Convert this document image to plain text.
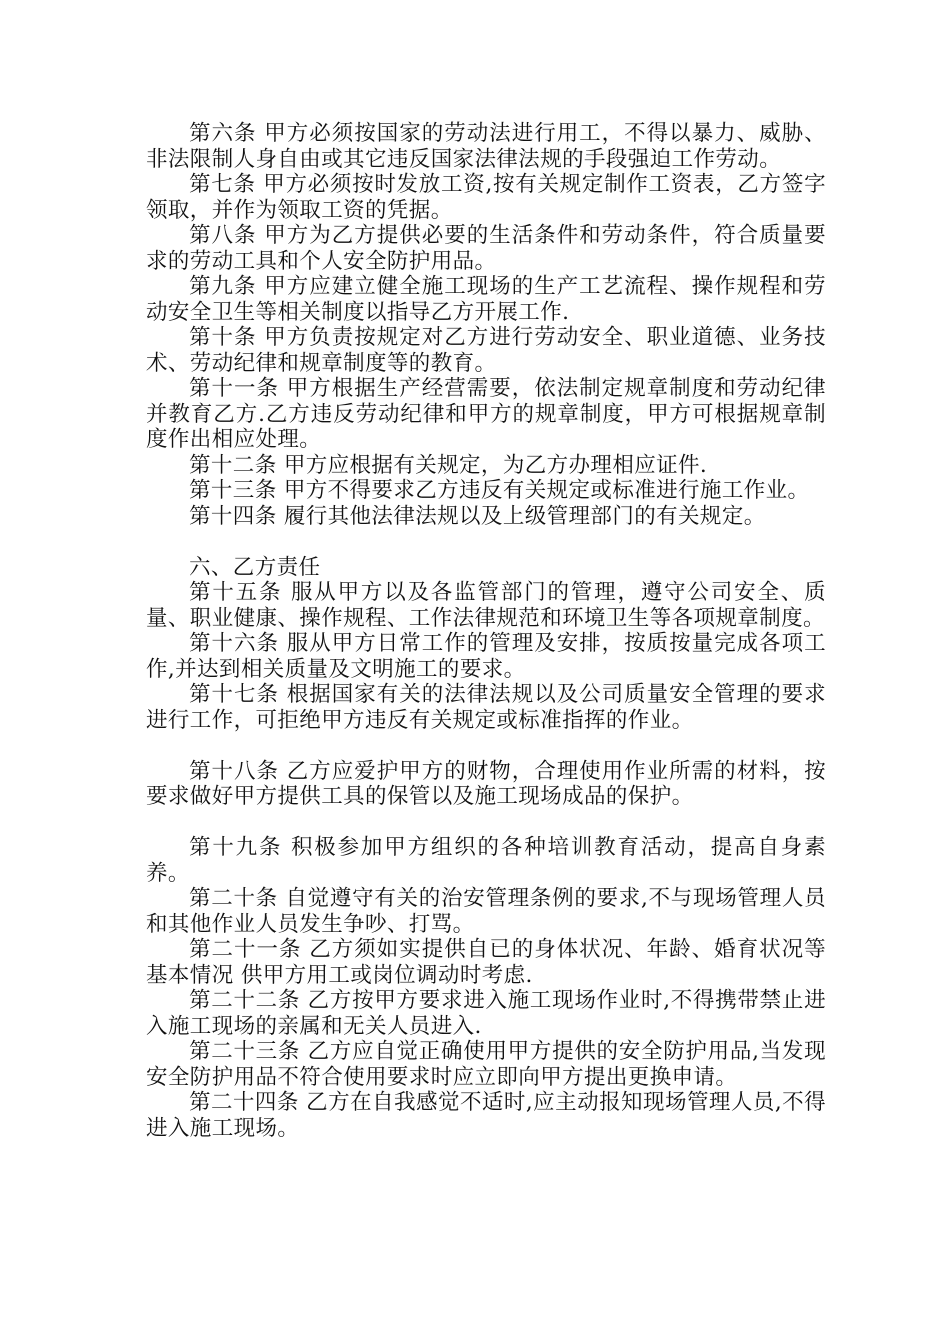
第六条 甲方必须按国家的劳动法进行用工，不得以暴力、威胁、非法限制人身自由或其它违反国家法律法规的手段强迫工作劳动。

第七条 甲方必须按时发放工资,按有关规定制作工资表，乙方签字领取，并作为领取工资的凭据。

第八条 甲方为乙方提供必要的生活条件和劳动条件，符合质量要求的劳动工具和个人安全防护用品。

第九条 甲方应建立健全施工现场的生产工艺流程、操作规程和劳动安全卫生等相关制度以指导乙方开展工作.

第十条 甲方负责按规定对乙方进行劳动安全、职业道德、业务技术、劳动纪律和规章制度等的教育。

第十一条 甲方根据生产经营需要，依法制定规章制度和劳动纪律并教育乙方.乙方违反劳动纪律和甲方的规章制度，甲方可根据规章制度作出相应处理。

第十二条 甲方应根据有关规定，为乙方办理相应证件.

第十三条 甲方不得要求乙方违反有关规定或标准进行施工作业。

第十四条 履行其他法律法规以及上级管理部门的有关规定。

六、乙方责任

第十五条 服从甲方以及各监管部门的管理，遵守公司安全、质量、职业健康、操作规程、工作法律规范和环境卫生等各项规章制度。

第十六条 服从甲方日常工作的管理及安排，按质按量完成各项工作,并达到相关质量及文明施工的要求。

第十七条 根据国家有关的法律法规以及公司质量安全管理的要求进行工作，可拒绝甲方违反有关规定或标准指挥的作业。

第十八条 乙方应爱护甲方的财物，合理使用作业所需的材料，按要求做好甲方提供工具的保管以及施工现场成品的保护。

第十九条 积极参加甲方组织的各种培训教育活动，提高自身素养。

第二十条 自觉遵守有关的治安管理条例的要求,不与现场管理人员和其他作业人员发生争吵、打骂。

第二十一条 乙方须如实提供自已的身体状况、年龄、婚育状况等基本情况 供甲方用工或岗位调动时考虑.

第二十二条 乙方按甲方要求进入施工现场作业时,不得携带禁止进入施工现场的亲属和无关人员进入.

第二十三条 乙方应自觉正确使用甲方提供的安全防护用品,当发现安全防护用品不符合使用要求时应立即向甲方提出更换申请。

第二十四条 乙方在自我感觉不适时,应主动报知现场管理人员,不得进入施工现场。
